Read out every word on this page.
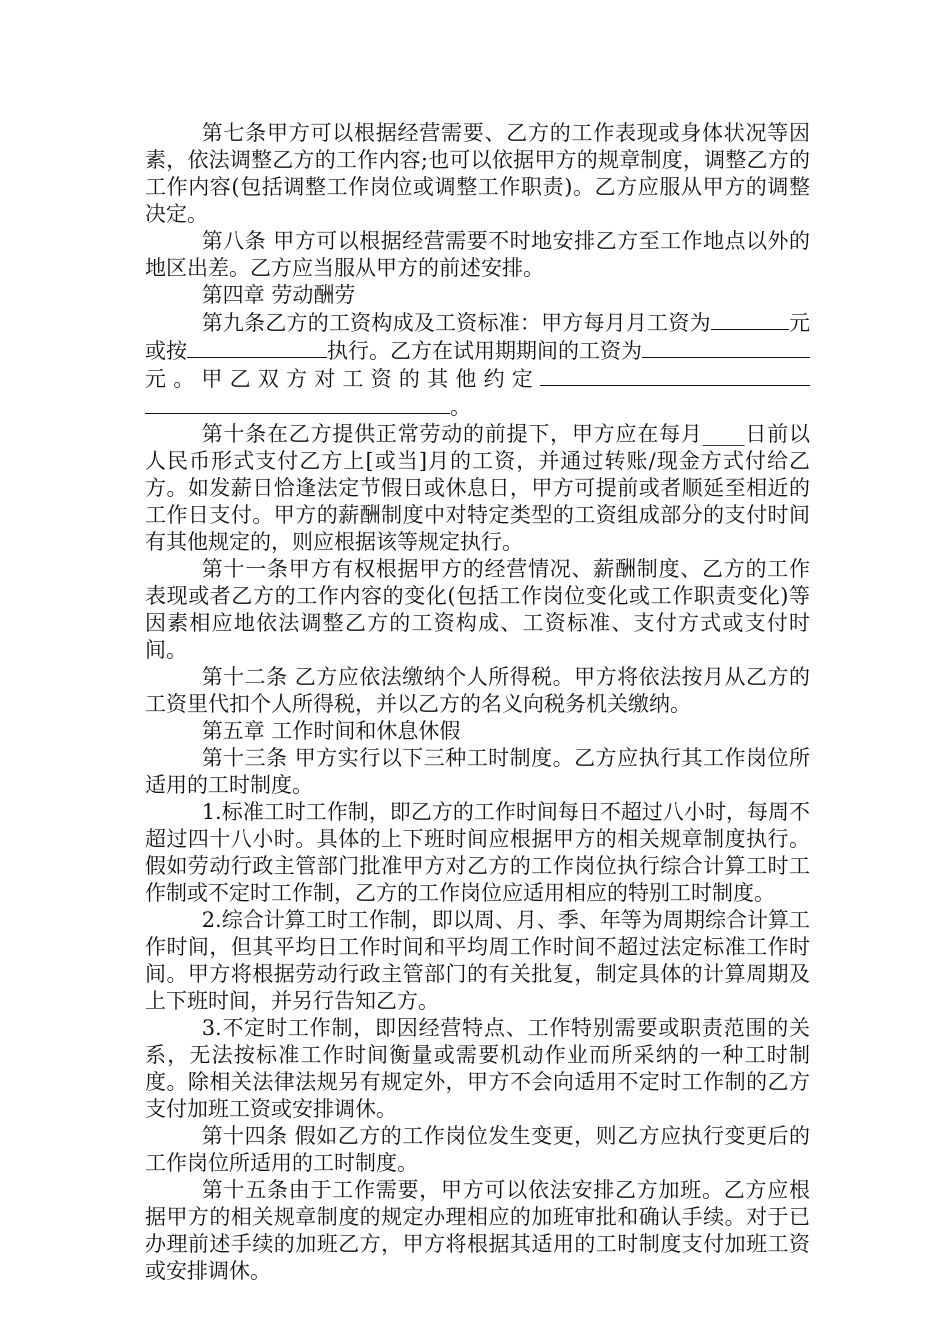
第七条甲方可以根据经营需要、乙方的工作表现或身体状况等因素，依法调整乙方的工作内容;也可以依据甲方的规章制度，调整乙方的工作内容(包括调整工作岗位或调整工作职责)。乙方应服从甲方的调整决定。

第八条 甲方可以根据经营需要不时地安排乙方至工作地点以外的地区出差。乙方应当服从甲方的前述安排。

第四章 劳动酬劳

第九条乙方的工资构成及工资标准：甲方每月月工资为	元或按	执行。乙方在试用期期间的工资为元。甲乙双方对工资的其他约定。

第十条在乙方提供正常劳动的前提下，甲方应在每月____日前以人民币形式支付乙方上[或当]月的工资，并通过转账/现金方式付给乙方。如发薪日恰逢法定节假日或休息日，甲方可提前或者顺延至相近的工作日支付。甲方的薪酬制度中对特定类型的工资组成部分的支付时间有其他规定的，则应根据该等规定执行。

第十一条甲方有权根据甲方的经营情况、薪酬制度、乙方的工作表现或者乙方的工作内容的变化(包括工作岗位变化或工作职责变化)等因素相应地依法调整乙方的工资构成、工资标准、支付方式或支付时间。

第十二条 乙方应依法缴纳个人所得税。甲方将依法按月从乙方的工资里代扣个人所得税，并以乙方的名义向税务机关缴纳。

第五章 工作时间和休息休假

第十三条 甲方实行以下三种工时制度。乙方应执行其工作岗位所适用的工时制度。

1.标准工时工作制，即乙方的工作时间每日不超过八小时，每周不超过四十八小时。具体的上下班时间应根据甲方的相关规章制度执行。假如劳动行政主管部门批准甲方对乙方的工作岗位执行综合计算工时工作制或不定时工作制，乙方的工作岗位应适用相应的特别工时制度。

2.综合计算工时工作制，即以周、月、季、年等为周期综合计算工作时间，但其平均日工作时间和平均周工作时间不超过法定标准工作时间。甲方将根据劳动行政主管部门的有关批复，制定具体的计算周期及上下班时间，并另行告知乙方。

3.不定时工作制，即因经营特点、工作特别需要或职责范围的关系，无法按标准工作时间衡量或需要机动作业而所采纳的一种工时制度。除相关法律法规另有规定外，甲方不会向适用不定时工作制的乙方支付加班工资或安排调休。

第十四条 假如乙方的工作岗位发生变更，则乙方应执行变更后的工作岗位所适用的工时制度。

第十五条由于工作需要，甲方可以依法安排乙方加班。乙方应根据甲方的相关规章制度的规定办理相应的加班审批和确认手续。对于已办理前述手续的加班乙方，甲方将根据其适用的工时制度支付加班工资或安排调休。
